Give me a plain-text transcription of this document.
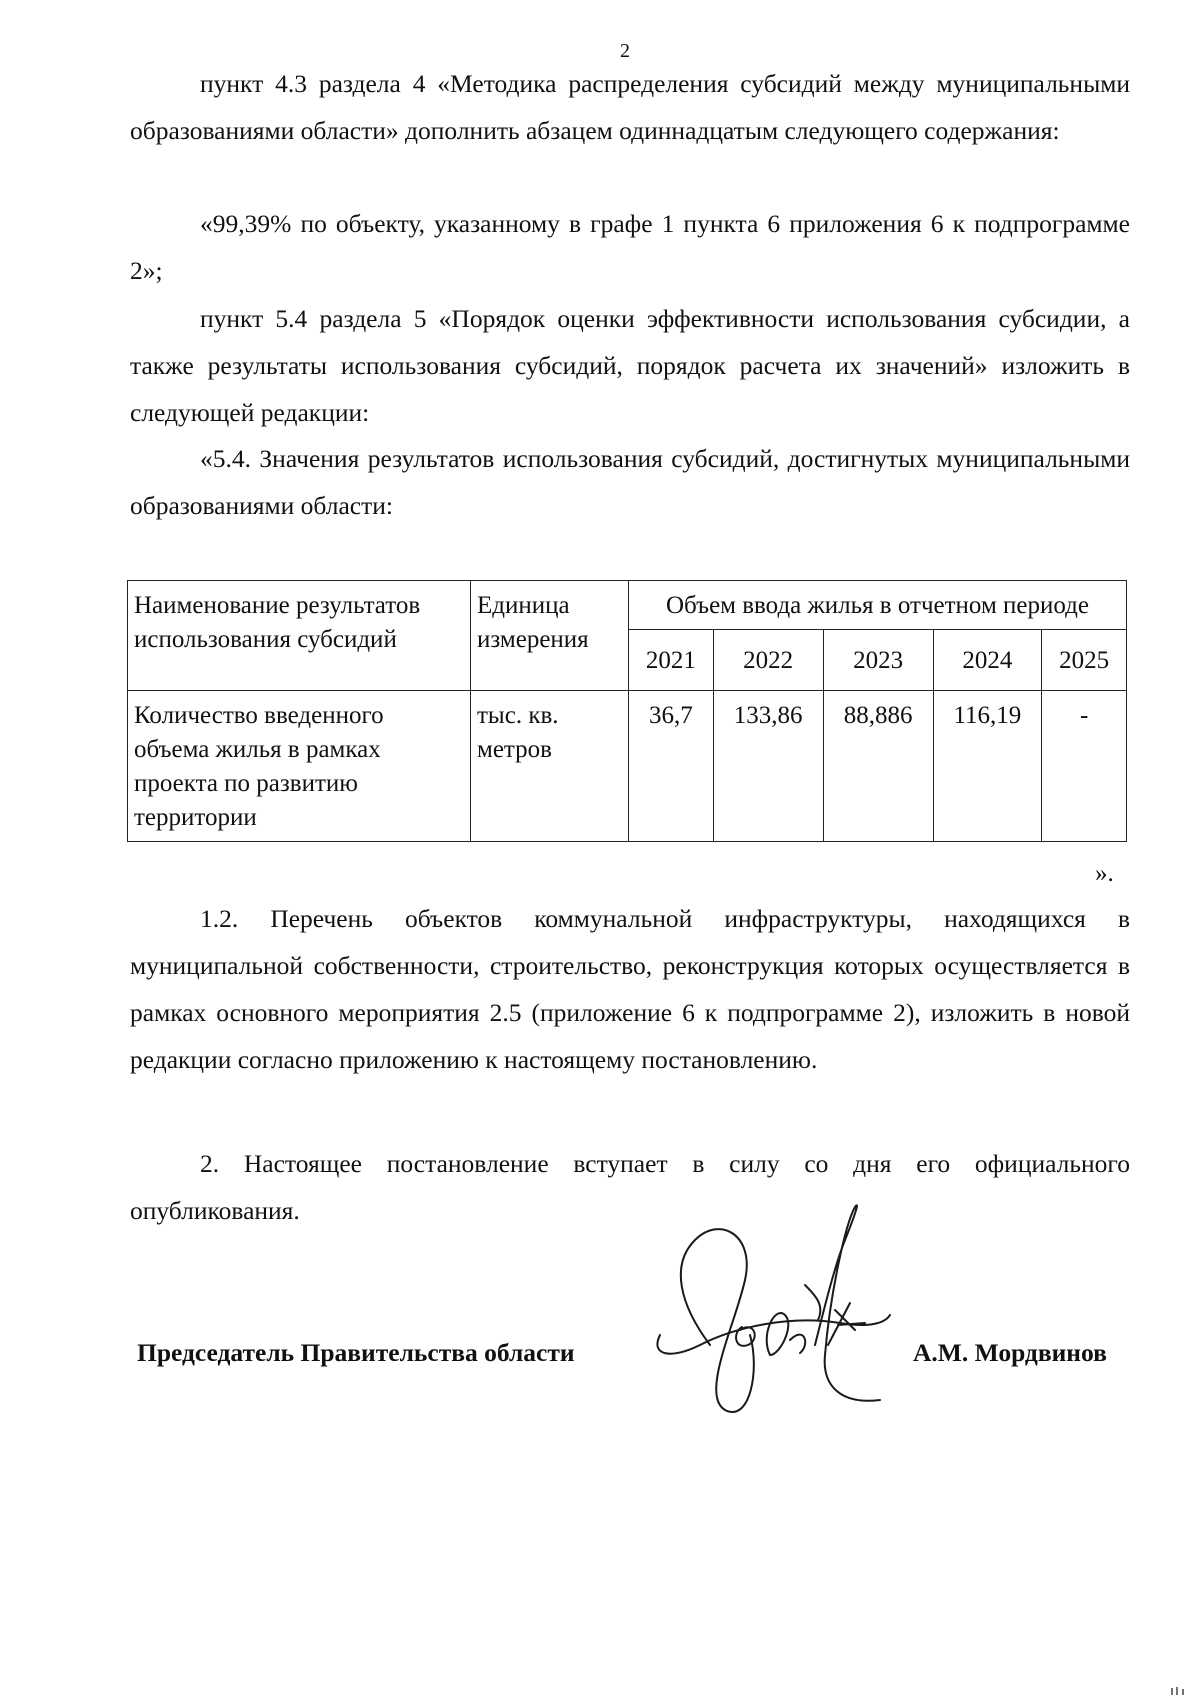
2

пункт 4.3 раздела 4 «Методика распределения субсидий между муниципальными образованиями области» дополнить абзацем одиннадцатым следующего содержания:

«99,39% по объекту, указанному в графе 1 пункта 6 приложения 6 к подпрограмме 2»;

пункт 5.4 раздела 5 «Порядок оценки эффективности использования субсидии, а также результаты использования субсидий, порядок расчета их значений» изложить в следующей редакции:

«5.4. Значения результатов использования субсидий, достигнутых муниципальными образованиями области:

Наименование результатов использования субсидий	Единица измерения	Объем ввода жилья в отчетном периоде				
		2021	2022	2023	2024	2025
Количество введенного объема жилья в рамках проекта по развитию территории	тыс. кв. метров	36,7	133,86	88,886	116,19	-
».

1.2. Перечень объектов коммунальной инфраструктуры, находящихся в муниципальной собственности, строительство, реконструкция которых осуществляется в рамках основного мероприятия 2.5 (приложение 6 к подпрограмме 2), изложить в новой редакции согласно приложению к настоящему постановлению.

2. Настоящее постановление вступает в силу со дня его официального опубликования.

Председатель Правительства области	А.М. Мордвинов
